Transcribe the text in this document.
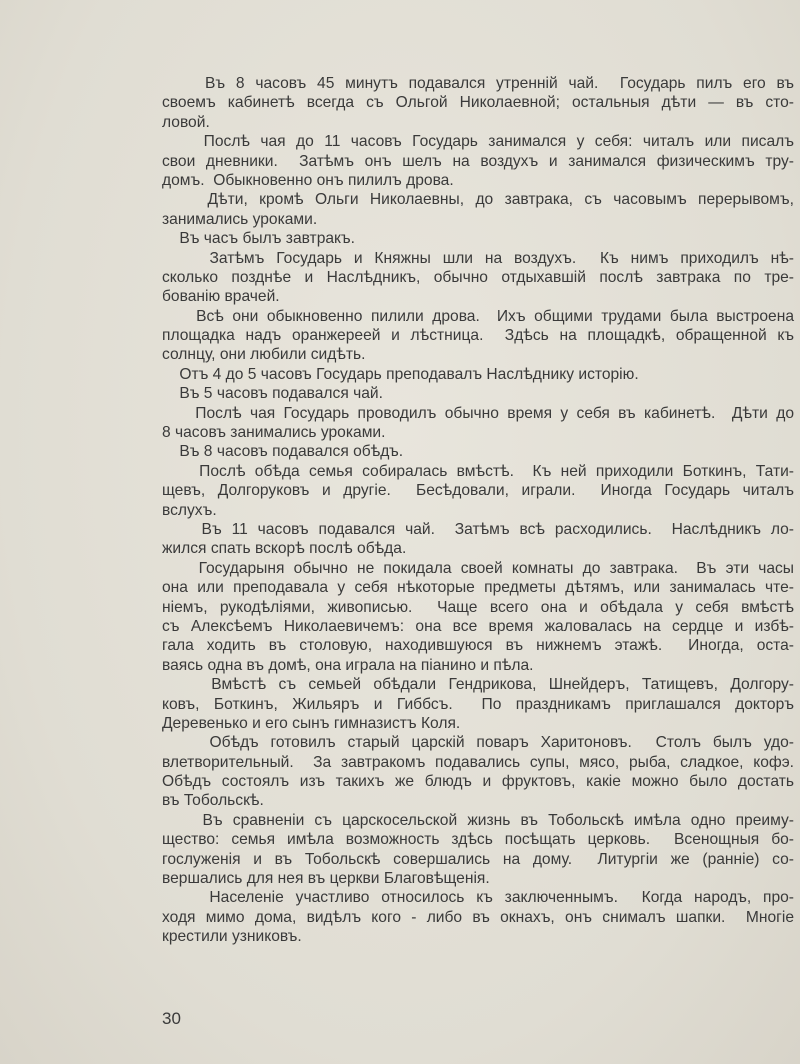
Въ 8 часовъ 45 минутъ подавался утренній чай.  Государь пилъ его въ
своемъ кабинетѣ всегда съ Ольгой Николаевной; остальныя дѣти — въ сто-
ловой.
Послѣ чая до 11 часовъ Государь занимался у себя: читалъ или писалъ
свои дневники.  Затѣмъ онъ шелъ на воздухъ и занимался физическимъ тру-
домъ.  Обыкновенно онъ пилилъ дрова.
Дѣти, кромѣ Ольги Николаевны, до завтрака, съ часовымъ перерывомъ,
занимались уроками.
Въ часъ былъ завтракъ.
Затѣмъ Государь и Княжны шли на воздухъ.  Къ нимъ приходилъ нѣ-
сколько позднѣе и Наслѣдникъ, обычно отдыхавшій послѣ завтрака по тре-
бованію врачей.
Всѣ они обыкновенно пилили дрова.  Ихъ общими трудами была выстроена
площадка надъ оранжереей и лѣстница.  Здѣсь на площадкѣ, обращенной къ
солнцу, они любили сидѣть.
Отъ 4 до 5 часовъ Государь преподавалъ Наслѣднику исторію.
Въ 5 часовъ подавался чай.
Послѣ чая Государь проводилъ обычно время у себя въ кабинетѣ.  Дѣти до
8 часовъ занимались уроками.
Въ 8 часовъ подавался обѣдъ.
Послѣ обѣда семья собиралась вмѣстѣ.  Къ ней приходили Боткинъ, Тати-
щевъ, Долгоруковъ и другіе.  Бесѣдовали, играли.  Иногда Государь читалъ
вслухъ.
Въ 11 часовъ подавался чай.  Затѣмъ всѣ расходились.  Наслѣдникъ ло-
жился спать вскорѣ послѣ обѣда.
Государыня обычно не покидала своей комнаты до завтрака.  Въ эти часы
она или преподавала у себя нѣкоторые предметы дѣтямъ, или занималась чте-
ніемъ, рукодѣліями, живописью.  Чаще всего она и обѣдала у себя вмѣстѣ
съ Алексѣемъ Николаевичемъ: она все время жаловалась на сердце и избѣ-
гала ходить въ столовую, находившуюся въ нижнемъ этажѣ.  Иногда, оста-
ваясь одна въ домѣ, она играла на піанино и пѣла.
Вмѣстѣ съ семьей обѣдали Гендрикова, Шнейдеръ, Татищевъ, Долгору-
ковъ, Боткинъ, Жильяръ и Гиббсъ.  По праздникамъ приглашался докторъ
Деревенько и его сынъ гимназистъ Коля.
Обѣдъ готовилъ старый царскій поваръ Харитоновъ.  Столъ былъ удо-
влетворительный.  За завтракомъ подавались супы, мясо, рыба, сладкое, кофэ.
Обѣдъ состоялъ изъ такихъ же блюдъ и фруктовъ, какіе можно было достать
въ Тобольскѣ.
Въ сравненіи съ царскосельской жизнь въ Тобольскѣ имѣла одно преиму-
щество: семья имѣла возможность здѣсь посѣщать церковь.  Всенощныя бо-
гослуженія и въ Тобольскѣ совершались на дому.  Литургіи же (ранніе) со-
вершались для нея въ церкви Благовѣщенія.
Населеніе участливо относилось къ заключеннымъ.  Когда народъ, про-
ходя мимо дома, видѣлъ кого - либо въ окнахъ, онъ снималъ шапки.  Многіе
крестили узниковъ.
30
